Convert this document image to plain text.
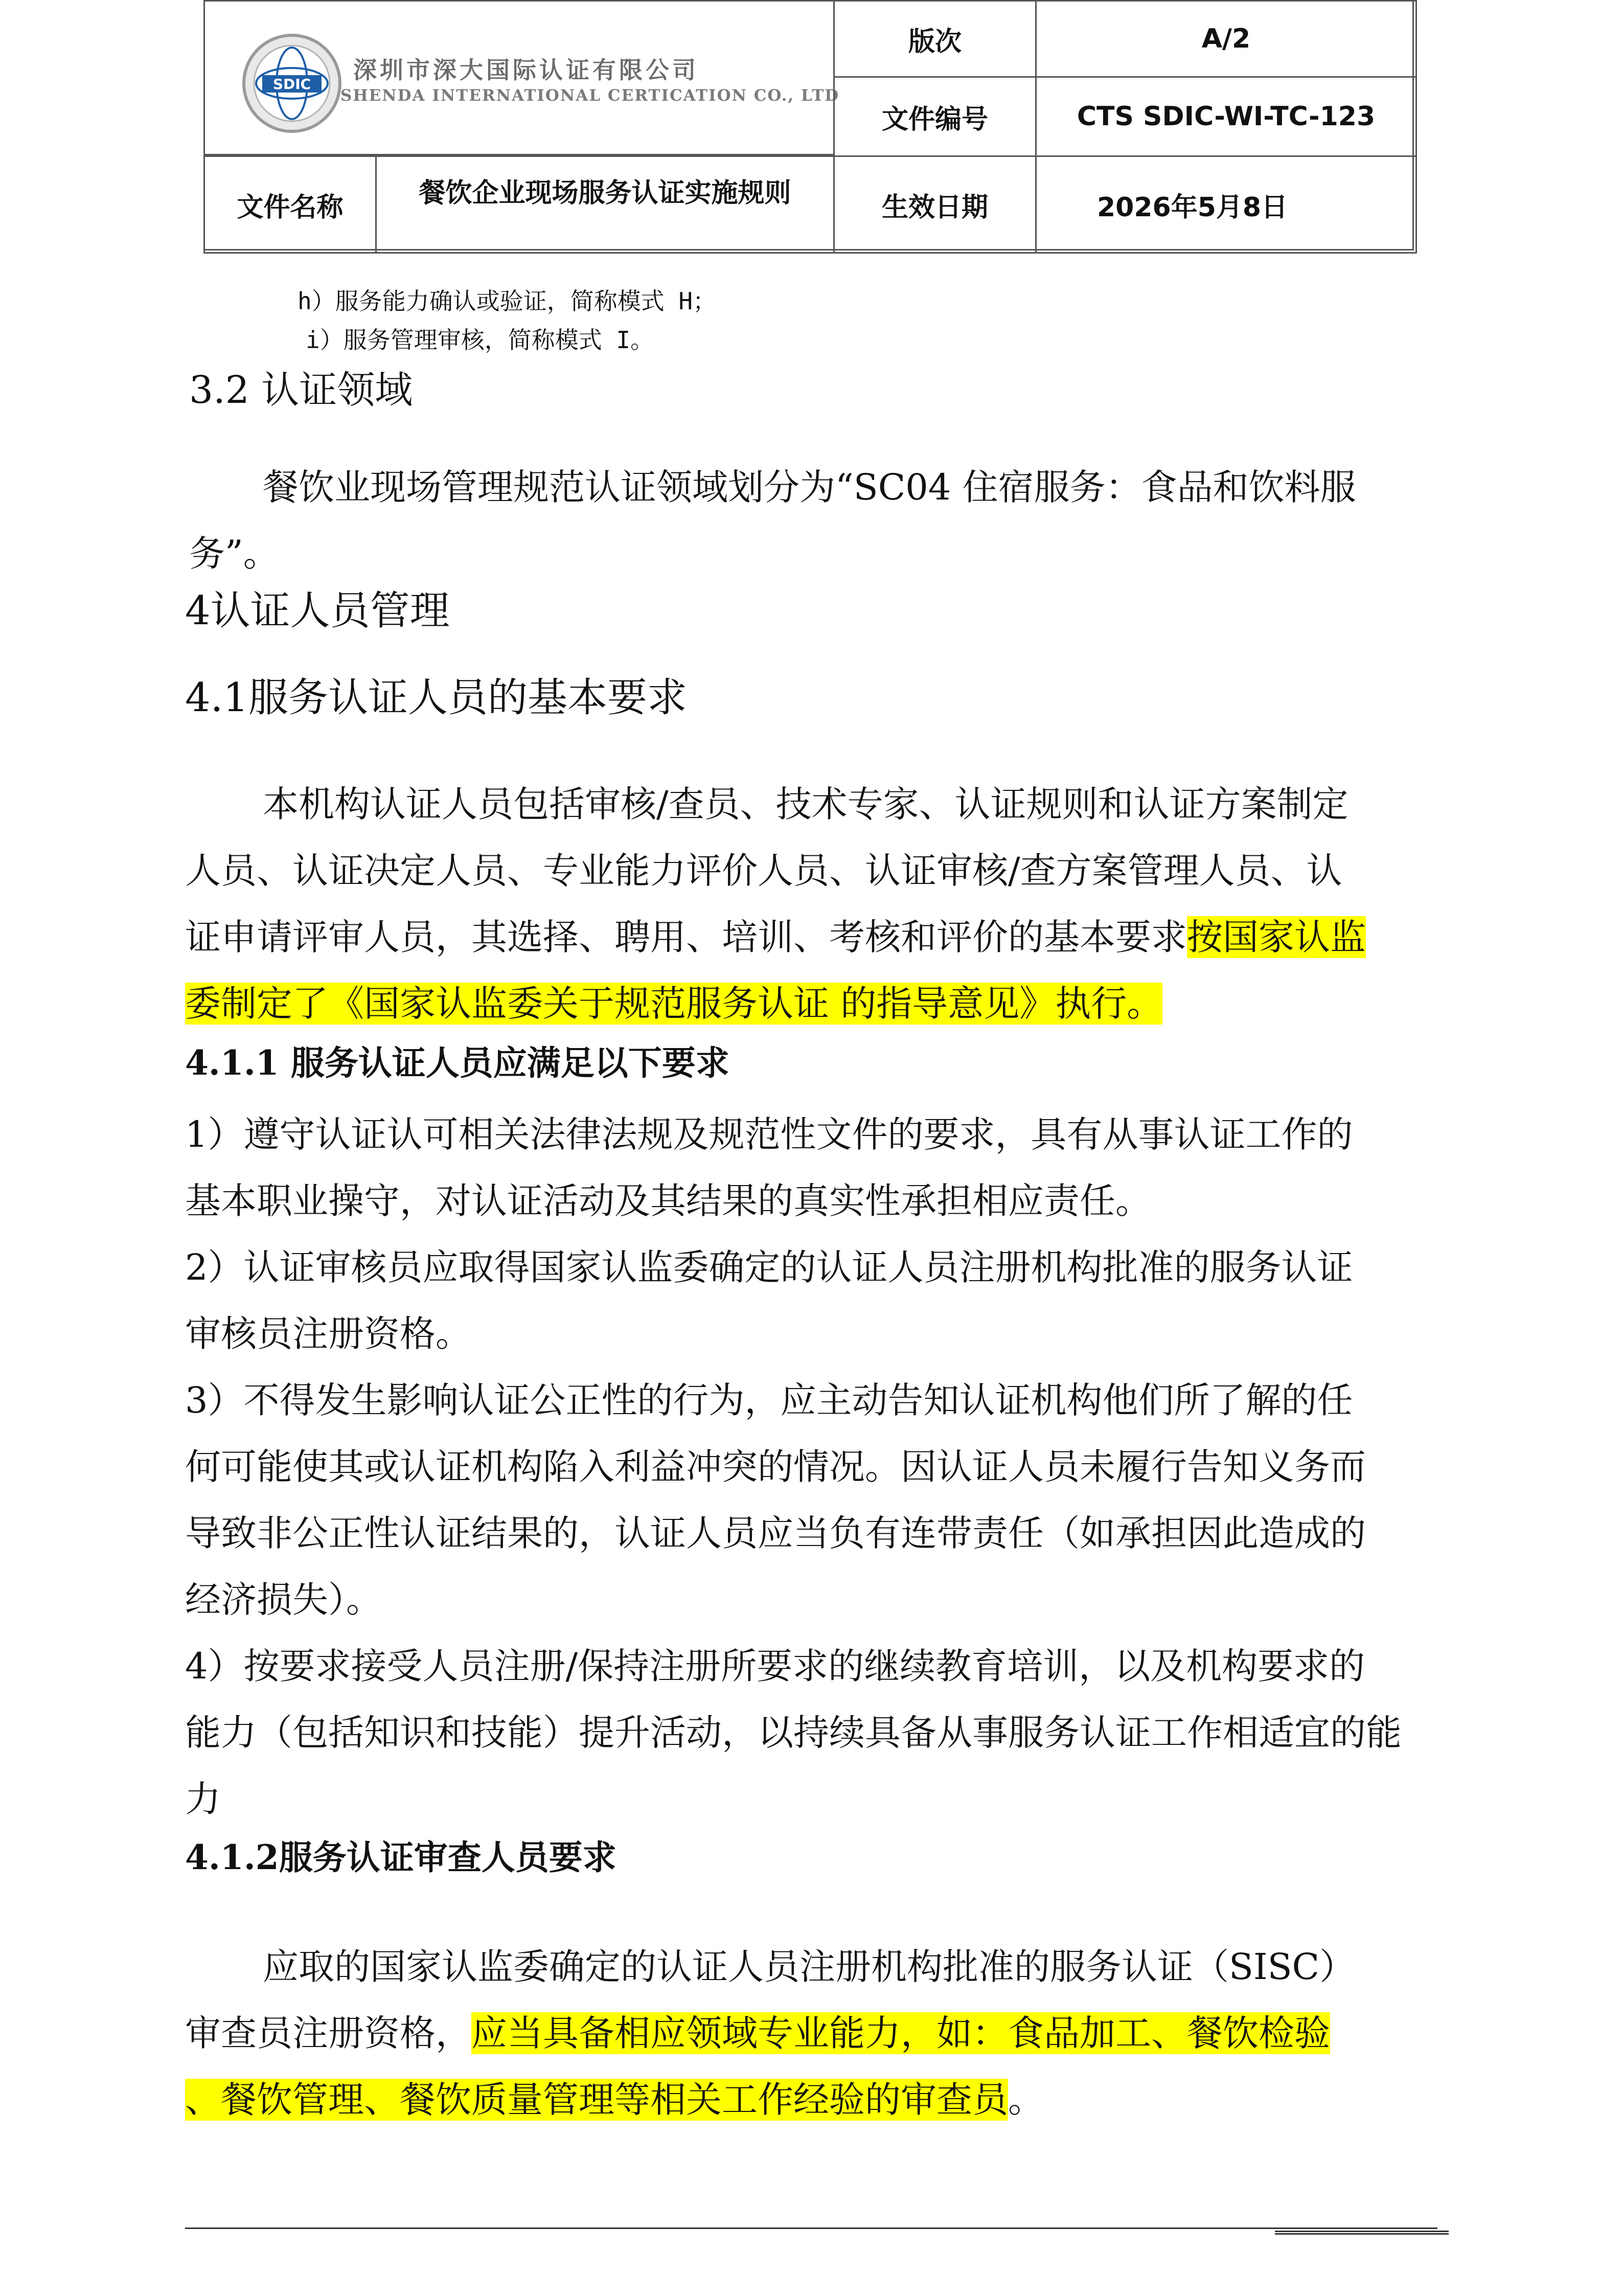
SDIC
深圳市深大国际认证有限公司
SHENDA INTERNATIONAL CERTICATION CO., LTD
版次	A/2
文件编号	CTS SDIC-WI-TC-123
文件名称	餐饮企业现场服务认证实施规则	生效日期	2026年5月8日
h）服务能力确认或验证，简称模式 H；
i）服务管理审核，简称模式 I。
3.2 认证领域
餐饮业现场管理规范认证领域划分为“SC04 住宿服务：食品和饮料服
务”。
4认证人员管理
4.1服务认证人员的基本要求
本机构认证人员包括审核/查员、技术专家、认证规则和认证方案制定
人员、认证决定人员、专业能力评价人员、认证审核/查方案管理人员、认
证申请评审人员，其选择、聘用、培训、考核和评价的基本要求按国家认监
委制定了《国家认监委关于规范服务认证 的指导意见》执行。
4.1.1 服务认证人员应满足以下要求
1）遵守认证认可相关法律法规及规范性文件的要求，具有从事认证工作的
基本职业操守，对认证活动及其结果的真实性承担相应责任。
2）认证审核员应取得国家认监委确定的认证人员注册机构批准的服务认证
审核员注册资格。
3）不得发生影响认证公正性的行为，应主动告知认证机构他们所了解的任
何可能使其或认证机构陷入利益冲突的情况。因认证人员未履行告知义务而
导致非公正性认证结果的，认证人员应当负有连带责任（如承担因此造成的
经济损失）。
4）按要求接受人员注册/保持注册所要求的继续教育培训，以及机构要求的
能力（包括知识和技能）提升活动，以持续具备从事服务认证工作相适宜的能
力
4.1.2服务认证审查人员要求
应取的国家认监委确定的认证人员注册机构批准的服务认证（SISC）
审查员注册资格，应当具备相应领域专业能力，如：食品加工、餐饮检验
、餐饮管理、餐饮质量管理等相关工作经验的审查员。
